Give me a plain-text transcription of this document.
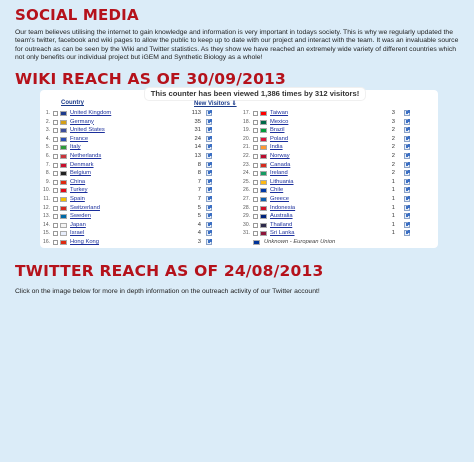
SOCIAL MEDIA
Our team believes utilising the internet to gain knowledge and information is very important in todays society. This is why we regularly updated the team's twitter, facebook and wiki pages to allow the public to keep up to date with our project and interact with the team. It was an invaluable source for outreach as can be seen by the Wiki and Twitter statistics. As they show we have reached an extremely wide variety of different countries which not only benefits our individual project but iGEM and Synthetic Biology as a whole!
WIKI REACH AS OF 30/09/2013
This counter has been viewed 1,386 times by 312 visitors!
Country	New Visitors ⇓
1.	United Kingdom	113
2.	Germany	35
3.	United States	31
4.	France	24
5.	Italy	14
6.	Netherlands	13
7.	Denmark	8
8.	Belgium	8
9.	China	7
10.	Turkey	7
11.	Spain	7
12.	Switzerland	5
13.	Sweden	5
14.	Japan	4
15.	Israel	4
16.	Hong Kong	3
17.	Taiwan	3
18.	Mexico	3
19.	Brazil	2
20.	Poland	2
21.	India	2
22.	Norway	2
23.	Canada	2
24.	Ireland	2
25.	Lithuania	1
26.	Chile	1
27.	Greece	1
28.	Indonesia	1
29.	Australia	1
30.	Thailand	1
31.	Sri Lanka	1
Unknown - European Union
TWITTER REACH AS OF 24/08/2013
Click on the image below for more in depth information on the outreach activity of our Twitter account!
